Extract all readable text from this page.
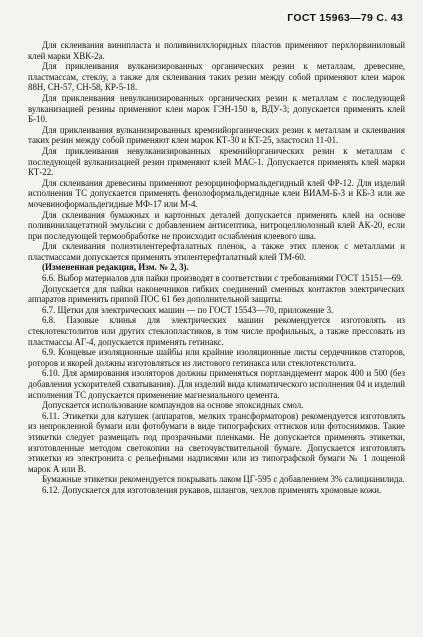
ГОСТ 15963—79 С. 43

Для склеивания винипласта и поливинилхлоридных пластов применяют перхлорвиниловый клей марки ХВК-2а.

Для приклеивания вулканизированных органических резин к металлам, древесине, пластмассам, стеклу, а также для склеивания таких резин между собой применяют клеи марок 88Н, СН-57, СН-58, КР-5-18.

Для приклеивания невулканизированных органических резин к металлам с последующей вулканизацией резины применяют клеи марок ГЭН-150 в, ВДУ-3; допускается применять клей Б-10.

Для приклеивания вулканизированных кремнийорганических резин к металлам и склеивания таких резин между собой применяют клеи марок КТ-30 и КТ-25, эластосил 11-01.

Для приклеивания невулканизированных кремнийорганических резин к металлам с последующей вулканизацией резин применяют клей МАС-1. Допускается применять клей марки КТ-22.

Для склеивания древесины применяют резорциноформальдегидный клей ФР-12. Для изделий исполнения ТС допускается применять фенолоформальдегидные клеи ВИАМ-Б-3 и КБ-3 или же мочевиноформальдегидные МФ-17 или М-4.

Для склеивания бумажных и картонных деталей допускается применять клей на основе поливинилацетатной эмульсии с добавлением антисептика, нитроцеллюлозный клей АК-20, если при последующей термообработке не происходит ослабления клеевого шва.

Для склеивания полиэтилентерефталатных пленок, а также этих пленок с металлами и пластмассами допускается применять этилентерефталатный клей ТМ-60.

(Измененная редакция, Изм. № 2, 3).

6.6. Выбор материалов для пайки производят в соответствии с требованиями ГОСТ 15151—69.

Допускается для пайки наконечников гибких соединений сменных контактов электрических аппаратов применять припой ПОС 61 без дополнительной защиты.

6.7. Щетки для электрических машин — по ГОСТ 15543—70, приложение 3.

6.8. Пазовые клинья для электрических машин рекомендуется изготовлять из стеклотекстолитов или других стеклопластиков, в том числе профильных, а также прессовать из пластмассы АГ-4, допускается применять гетинакс.

6.9. Концевые изоляционные шайбы или крайние изоляционные листы сердечников статоров, роторов и якорей должны изготовляться из листового гетинакса или стеклотекстолита.

6.10. Для армирования изоляторов должны применяться портландцемент марок 400 и 500 (без добавления ускорителей схватывания). Для изделий вида климатического исполнения 04 и изделий исполнения ТС допускается применение магнезиального цемента.

Допускается использование компаундов на основе эпоксидных смол.

6.11. Этикетки для катушек (аппаратов, мелких трансформаторов) рекомендуется изготовлять из непрокленной бумаги или фотобумаги в виде типографских оттисков или фотоснимков. Такие этикетки следует размещать под прозрачными пленками. Не допускается применять этикетки, изготовленные методом светокопии на светочувствительной бумаге. Допускается изготовлять этикетки из электронита с рельефными надписями или из типографской бумаги № 1 лощеной марок А или В.

Бумажные этикетки рекомендуется покрывать лаком ЦГ-595 с добавлением 3% салицианилида.

6.12. Допускается для изготовления рукавов, шлангов, чехлов применять хромовые кожи.
